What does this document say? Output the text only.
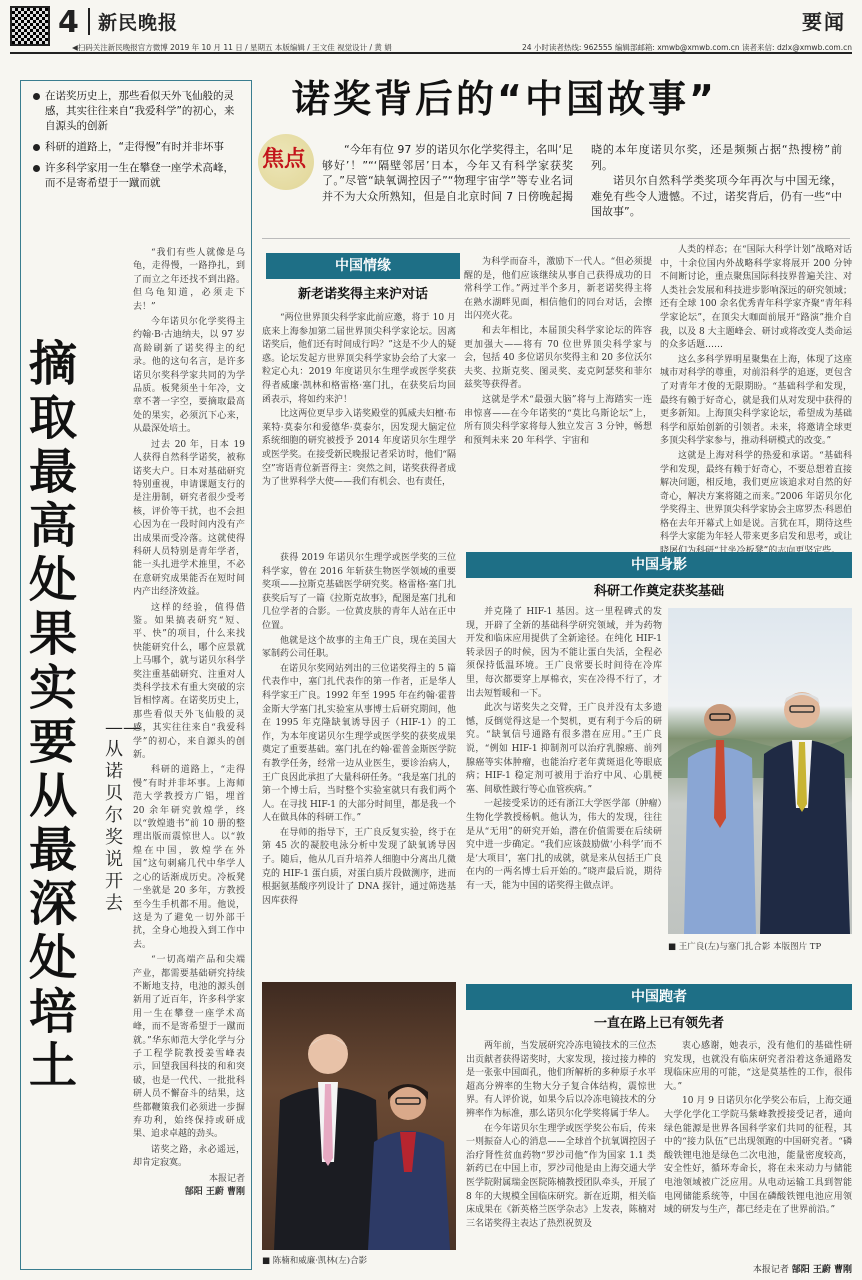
4	新民晚报	要闻
◀扫码关注新民晚报官方微博 2019 年 10 月 11 日 / 星期五 本版编辑 / 王文佳 视觉设计 / 黄 娟	24 小时读者热线: 962555 编辑部邮箱: xmwb@xmwb.com.cn 读者来信: dzlx@xmwb.com.cn
在诺奖历史上，那些看似天外飞仙般的灵感，其实往往来自“我爱科学”的初心，来自源头的创新
科研的道路上，“走得慢”有时并非坏事
许多科学家用一生在攀登一座学术高峰，而不是寄希望于一蹴而就
摘取最高处果实 要从最深处培土
——从诺贝尔奖说开去

“我们有些人就像是乌龟，走得慢，一路挣扎，到了而立之年还找不到出路。但乌龟知道，必须走下去！”

今年诺贝尔化学奖得主约翰·B·古迪纳夫，以 97 岁高龄刷新了诺奖得主的纪录。他的这句名言，是许多诺贝尔奖科学家共同的为学品质。板凳须坐十年冷，文章不著一字空，要摘取最高处的果实，必须沉下心来，从最深处培土。

过去 20 年，日本 19 人获得自然科学诺奖，被称诺奖大户。日本对基础研究特别重视，申请课题支行的是注册制，研究者很少受考核，评价等干扰，也不会担心因为在一段时间内没有产出成果而受冷落。这就使得科研人员特别是青年学者，能一头扎进学术推里，不必在意研究成果能否在短时间内产出经济效益。

这样的经验，值得借鉴。如果搞表研究“短、平、快”的项目，什么来找快能研究什么，哪个应景就上马哪个，就与诺贝尔科学奖注重基础研究、注重对人类科学技术有重大突破的宗旨相悖离。在诺奖历史上，那些看似天外飞仙般的灵感，其实往往来自“我爱科学”的初心，来自源头的创新。

科研的道路上，“走得慢”有时并非坏事。上海师范大学教授方广锠，埋首 20 余年研究敦煌学，终以“敦煌遗书”前 10 册的整理出版而震惊世人。以“敦煌在中国，敦煌学在外国”这句刺痛几代中华学人之心的话渐成历史。冷板凳一坐就是 20 多年，方教授至今生手机都不用。他说，这是为了避免一切外部干扰，全身心地投入到工作中去。

“一切高端产品和尖端产业，都需要基础研究持续不断地支持，电池的源头创新用了近百年，许多科学家用一生在攀登一座学术高峰，而不是寄希望于一蹴而就。”华东师范大学化学与分子工程学院教授姜雪峰表示，回望我国科技的和和突破，也是一代代、一批批科研人员不懈奋斗的结果，这些都鞭策我们必须进一步摒弃功利，始终保持或研成果、追求卓越的劲头。

诺奖之路，永必遥远，却肯定寂寞。

本报记者
郜阳 王蔚 曹刚
诺奖背后的“中国故事”
焦点	“今年有位 97 岁的诺贝尔化学奖得主，名叫‘足够好’！”“‘隔壁邻居’日本，今年又有科学家获奖了。”尽管“缺氧调控因子”“物理宇宙学”等专业名词并不为大众所熟知，但是自北京时间 7 日傍晚起揭晓的本年度诺贝尔奖，还是频频占据“热搜榜”前列。

诺贝尔自然科学类奖项今年再次与中国无缘，难免有些令人遗憾。不过，诺奖背后，仍有一些“中国故事”。

中国情缘
新老诺奖得主来沪对话

“两位世界顶尖科学家此前应邀，将于 10 月底来上海参加第二届世界顶尖科学家论坛。因离诺奖后，他们还有时间成行吗？”这是不少人的疑惑。论坛发起方世界顶尖科学家协会给了大家一粒定心丸：2019 年度诺贝尔生理学或医学奖获得者威廉·凯林和格雷格·塞门扎，在获奖后均回函表示，将如约来沪！

比这两位更早步入诺奖殿堂的狐威夫妇檀·布莱特·莫泰尔和爱德华·莫泰尔，因发现大脑定位系统细胞的研究被授予 2014 年度诺贝尔生理学或医学奖。在接受新民晚报记者采访时，他们“隔空”寄语青位新晋得主：突然之间，诺奖获得者成为了世界科学大使——我们有机会、也有责任，

为科学而奋斗，激励下一代人。“但必须提醒的是，他们应该继续从事自己获得成功的日常科学工作。”两过半个多月，新老诺奖得主将在熟水湖畔见面，相信他们的同台对话，会擦出闪亮火花。

和去年相比，本届顶尖科学家论坛的阵容更加强大——将有 70 位世界顶尖科学家与会，包括 40 多位诺贝尔奖得主和 20 多位沃尔夫奖、拉斯克奖、图灵奖、麦克阿瑟奖和菲尔兹奖等获得者。

这就是学术“最强大脑”将与上海踏实一连串惊喜——在今年诺奖的“莫比乌斯论坛”上，所有顶尖科学家将每人独立发言 3 分钟，畅想和预判未来 20 年科学、宇宙和

人类的样态；在“国际大科学计划”战略对话中，十余位国内外战略科学家将展开 200 分钟不间断讨论，重点聚焦国际科技界普遍关注、对人类社会发展和科技进步影响深远的研究领域；还有全球 100 余名优秀青年科学家齐聚“青年科学家论坛”，在顶尖大咖面前展开“路演”推介自我，以及 8 大主题峰会、研讨或将改变人类命运的众多话题……

这么多科学界明星聚集在上海，体现了这座城市对科学的尊重，对前沿科学的追逐，更包含了对青年才俊的无限期盼。“基础科学和发现，最终有赖于好奇心，就是我们从对发现中获得的更多新知。上海顶尖科学家论坛，希望成为基础科学和原始创新的引领者。未来，将邀请全球更多顶尖科学家参与，推动科研模式的改变。”

这就是上海对科学的热爱和承诺。“基础科学和发现，最终有赖于好奇心，不要总想着直接解决问题，相反地，我们更应该追求对自然的好奇心，解决方案将随之而来。”2006 年诺贝尔化学奖得主、世界顶尖科学家协会主席罗杰·科恩伯格在去年开幕式上如是说。言犹在耳，期待这些科学大家能为年轻人带来更多启发和思考，或让

中国身影
科研工作奠定获奖基础

获得 2019 年诺贝尔生理学或医学奖的三位科学家，曾在 2016 年斩获生物医学领域的重要奖项——拉斯克基础医学研究奖。格雷格·塞门扎获奖后写了一篇《拉斯克故事》，配图是塞门扎和几位学者的合影。一位黄皮肤的青年人站在正中位置。

他就是这个故事的主角王广良，现在美国大冢制药公司任职。

在诺贝尔奖网站列出的三位诺奖得主的 5 篇代表作中，塞门扎代表作的第一作者，正是华人科学家王广良。1992 年至 1995 年在约翰·霍普金斯大学塞门扎实验室从事博士后研究期间，他在 1995 年克隆缺氧诱导因子（HIF-1）的工作，为本年度诺贝尔生理学或医学奖的获奖成果奠定了重要基础。塞门扎在约翰·霍普金斯医学院有教学任务，经常一边从业医生，要诊治病人，王广良因此承担了大量科研任务。“我是塞门扎的第一个博士后，当时整个实验室就只有我们两个人。在寻找 HIF-1 的大部分时间里，都是我一个人在做具体的科研工作。”

在导师的指导下，王广良反复实验，终于在第 45 次的凝胶电泳分析中发现了缺氧诱导因子。随后，他从几百升培养人细胞中分离出几微克的 HIF-1 蛋白质，对蛋白质片段做测序，进而根据氨基酸序列设计了 DNA 探针，通过筛选基因库获得

并克隆了 HIF-1 基因。这一里程碑式的发现，开辟了全新的基础科学研究领域，并为药物开发和临床应用提供了全新途径。在纯化 HIF-1 转录因子的时候，因为不能让蛋白失活，全程必须保持低温环境。王广良常要长时间待在冷库里，每次都要穿上厚棉衣，实在冷得不行了，才出去短暂暖和一下。

此次与诺奖失之交臂，王广良并没有太多遗憾，反倒觉得这是一个契机，更有利于今后的研究。“缺氧信号通路有很多潜在应用。”王广良说，“例如 HIF-1 抑制剂可以治疗乳腺癌、前列腺癌等实体肿瘤，也能治疗老年黄斑退化等眼底病；HIF-1 稳定剂可被用于治疗中风、心肌梗塞、间歇性跛行等心血管疾病。”

一起接受采访的还有浙江大学医学部（肿瘤）生物化学教授杨帆。他认为，伟大的发现，往往是从“无用”的研究开始，潜在价值需要在后续研究中进一步确定。“我们应该鼓励做‘小科学’而不是‘大项目’，塞门扎的成就，就是来从包括王广良在内的一两名博士后开始的。”晓声最后说，期待有一天，能为中国的诺奖得主做点评。

■ 王广良(左)与塞门扎合影 本版图片 TP
中国跑者
一直在路上已有领先者
■ 陈楠和威廉·凯林(左)合影

两年前，当发展研究冷冻电镜技术的三位杰出贡献者获得诺奖时，大家发现，接过接力棒的是一张张中国面孔，他们所解析的多种原子水平超高分辨率的生物大分子复合体结构，震惊世界。有人评价说，如果今后以冷冻电镜技术的分辨率作为标准，那么诺贝尔化学奖将属于华人。

在今年诺贝尔生理学或医学奖公布后，传来一则振奋人心的消息——全球首个抗氧调控因子治疗肾性贫血药物“罗沙司他”作为国家 1.1 类新药已在中国上市，罗沙司他是由上海交通大学医学院附属瑞金医院陈楠教授团队牵头，开展了 8 年的大规模全国临床研究。新在近期，相关临床成果在《新英格兰医学杂志》上发表，陈楠对三名诺奖得主表达了热烈祝贺及

衷心感谢，她表示，没有他们的基础性研究发现，也就没有临床研究者沿着这条通路发现临床应用的可能，“这是莫基性的工作，很伟大。”

10 月 9 日诺贝尔化学奖公布后，上海交通大学化学化工学院马紫峰教授接受记者，通向绿色能源是世界各国科学家们共同的征程，其中的“接力队伍”已出现领跑的中国研究者。“磷酸铁锂电池是绿色二次电池，能量密度较高，安全性好，循环寿命长，将在未来动力与储能电池领域被广泛应用。从电动运输工具到智能电网储能系统等，中国在磷酸铁锂电池应用领域的研发与生产，都已经走在了世界前沿。”

本报记者 郜阳 王蔚 曹刚
